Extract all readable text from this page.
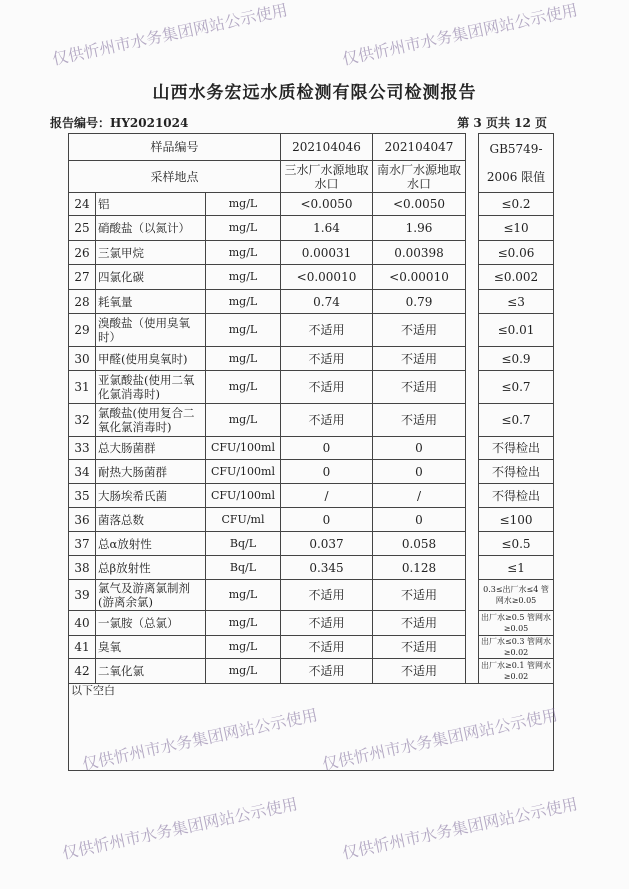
山西水务宏远水质检测有限公司检测报告
报告编号：HY2021024	第 3 页共 12 页
样品编号			202104046	202104047		GB5749-
2006 限值
采样地点			三水厂水源地取水口	南水厂水源地取水口		
24	铝	mg/L	<0.0050	<0.0050		≤0.2
25	硝酸盐（以氮计）	mg/L	1.64	1.96		≤10
26	三氯甲烷	mg/L	0.00031	0.00398		≤0.06
27	四氯化碳	mg/L	<0.00010	<0.00010		≤0.002
28	耗氧量	mg/L	0.74	0.79		≤3
29	溴酸盐（使用臭氧时）	mg/L	不适用	不适用		≤0.01
30	甲醛(使用臭氧时)	mg/L	不适用	不适用		≤0.9
31	亚氯酸盐(使用二氧化氯消毒时)	mg/L	不适用	不适用		≤0.7
32	氯酸盐(使用复合二氧化氯消毒时)	mg/L	不适用	不适用		≤0.7
33	总大肠菌群	CFU/100ml	0	0		不得检出
34	耐热大肠菌群	CFU/100ml	0	0		不得检出
35	大肠埃希氏菌	CFU/100ml	/	/		不得检出
36	菌落总数	CFU/ml	0	0		≤100
37	总α放射性	Bq/L	0.037	0.058		≤0.5
38	总β放射性	Bq/L	0.345	0.128		≤1
39	氯气及游离氯制剂(游离余氯)	mg/L	不适用	不适用		0.3≤出厂水≤4 管网水≥0.05
40	一氯胺（总氯）	mg/L	不适用	不适用		出厂水≥0.5 管网水≥0.05
41	臭氧	mg/L	不适用	不适用		出厂水≤0.3 管网水≥0.02
42	二氧化氯	mg/L	不适用	不适用		出厂水≥0.1 管网水≥0.02
以下空白						
仅供忻州市水务集团网站公示使用	仅供忻州市水务集团网站公示使用
仅供忻州市水务集团网站公示使用 仅供忻州市水务集团网站公示使用
仅供忻州市水务集团网站公示使用	仅供忻州市水务集团网站公示使用
